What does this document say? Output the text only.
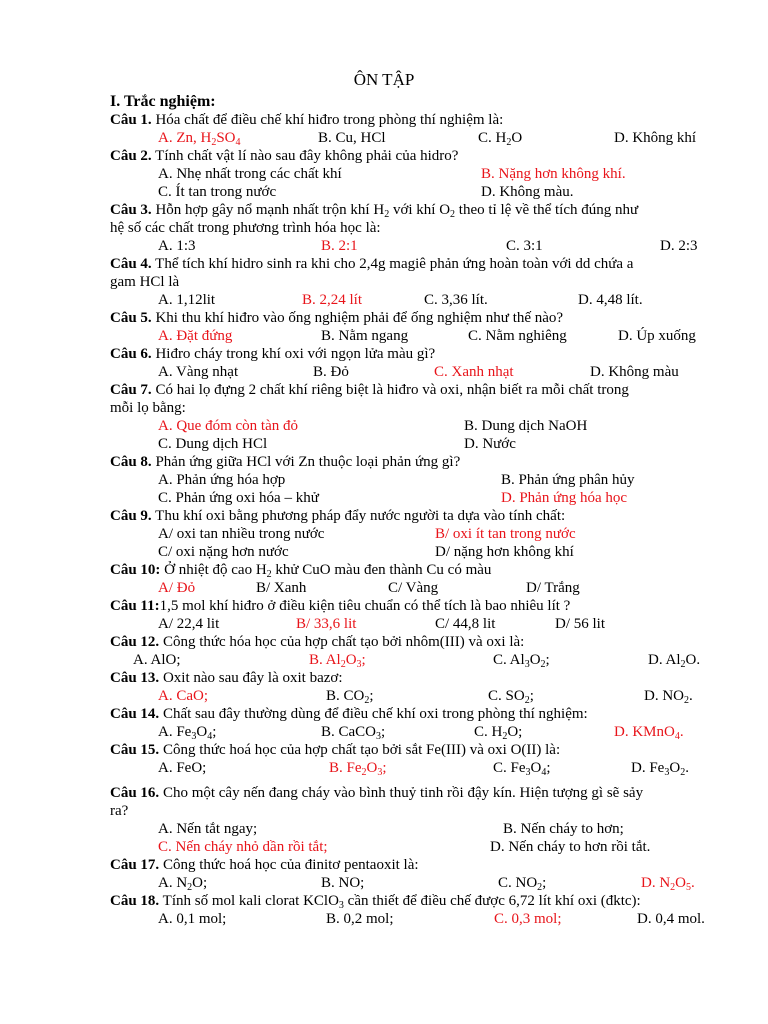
ÔN TẬP
I. Trắc nghiệm:
Câu 1. Hóa chất để điều chế khí hiđro trong phòng thí nghiệm là:
A. Zn, $H_2SO_4$	B. Cu, HCl	C. $H_2O$	D. Không khí
Câu 2. Tính chất vật lí nào sau đây không phải của hidro?
A. Nhẹ nhất trong các chất khí	B. Nặng hơn không khí.
C. Ít tan trong nước	D. Không màu.
Câu 3. Hỗn hợp gây nổ mạnh nhất trộn khí $H_2$ với khí $O_2$ theo tỉ lệ về thể tích đúng như
hệ số các chất trong phương trình hóa học là:
A. 1:3	B. 2:1	C. 3:1	D. 2:3
Câu 4. Thể tích khí hidro sinh ra khi cho 2,4g magiê phản ứng hoàn toàn với dd chứa a
gam HCl là
A. 1,12lit	B. 2,24 lít	C. 3,36 lít.	D. 4,48 lít.
Câu 5. Khi thu khí hiđro vào ống nghiệm phải để ống nghiệm như thế nào?
A. Đặt đứng	B. Nằm ngang	C. Nằm nghiêng	D. Úp xuống
Câu 6. Hiđro cháy trong khí oxi với ngọn lửa màu gì?
A. Vàng nhạt	B. Đỏ	C. Xanh nhạt	D. Không màu
Câu 7. Có hai lọ đựng 2 chất khí riêng biệt là hiđro và oxi, nhận biết ra mỗi chất trong
mỗi lọ bằng:
A. Que đóm còn tàn đỏ	B. Dung dịch NaOH
C. Dung dịch HCl	D. Nước
Câu 8. Phản ứng giữa HCl với Zn thuộc loại phản ứng gì?
A. Phản ứng hóa hợp	B. Phản ứng phân hủy
C. Phản ứng oxi hóa – khử	D. Phản ứng hóa học
Câu 9. Thu khí oxi bằng phương pháp đẩy nước người ta dựa vào tính chất:
A/ oxi tan nhiều trong nước	B/ oxi ít tan trong nước
C/ oxi nặng hơn nước	D/ nặng hơn không khí
Câu 10: Ở nhiệt độ cao $H_2$ khử CuO màu đen thành Cu có màu
A/ Đỏ	B/ Xanh	C/ Vàng	D/ Trắng
Câu 11:1,5 mol khí hiđro ở điều kiện tiêu chuẩn có thể tích là bao nhiêu lít ?
A/ 22,4 lit	B/ 33,6 lit	C/ 44,8 lit	D/ 56 lit
Câu 12. Công thức hóa học của hợp chất tạo bởi nhôm(III) và oxi là:
A. AlO;	B. $Al_2O_3$;	C. $Al_3O_2$;	D. $Al_2O$.
Câu 13. Oxit nào sau đây là oxit bazơ:
A. CaO;	B. $CO_2$;	C. $SO_2$;	D. $NO_2$.
Câu 14. Chất sau đây thường dùng để điều chế khí oxi trong phòng thí nghiệm:
A. $Fe_3O_4$;	B. CaCO$_3$;	C. $H_2O$;	D. KMnO$_4$.
Câu 15. Công thức hoá học của hợp chất tạo bởi sắt Fe(III) và oxi O(II) là:
A. FeO;	B. $Fe_2O_3$;	C. $Fe_3O_4$;	D. $Fe_3O_2$.
Câu 16. Cho một cây nến đang cháy vào bình thuỷ tinh rồi đậy kín. Hiện tượng gì sẽ sảy
ra?
A. Nến tắt ngay;	B. Nến cháy to hơn;
C. Nến cháy nhỏ dần rồi tắt;	D. Nến cháy to hơn rồi tắt.
Câu 17. Công thức hoá học của đinitơ pentaoxit là:
A. $N_2O$;	B. NO;	C. $NO_2$;	D. $N_2O_5$.
Câu 18. Tính số mol kali clorat KClO$_3$ cần thiết để điều chế được 6,72 lít khí oxi (đktc):
A. 0,1 mol;	B. 0,2 mol;	C. 0,3 mol;	D. 0,4 mol.
